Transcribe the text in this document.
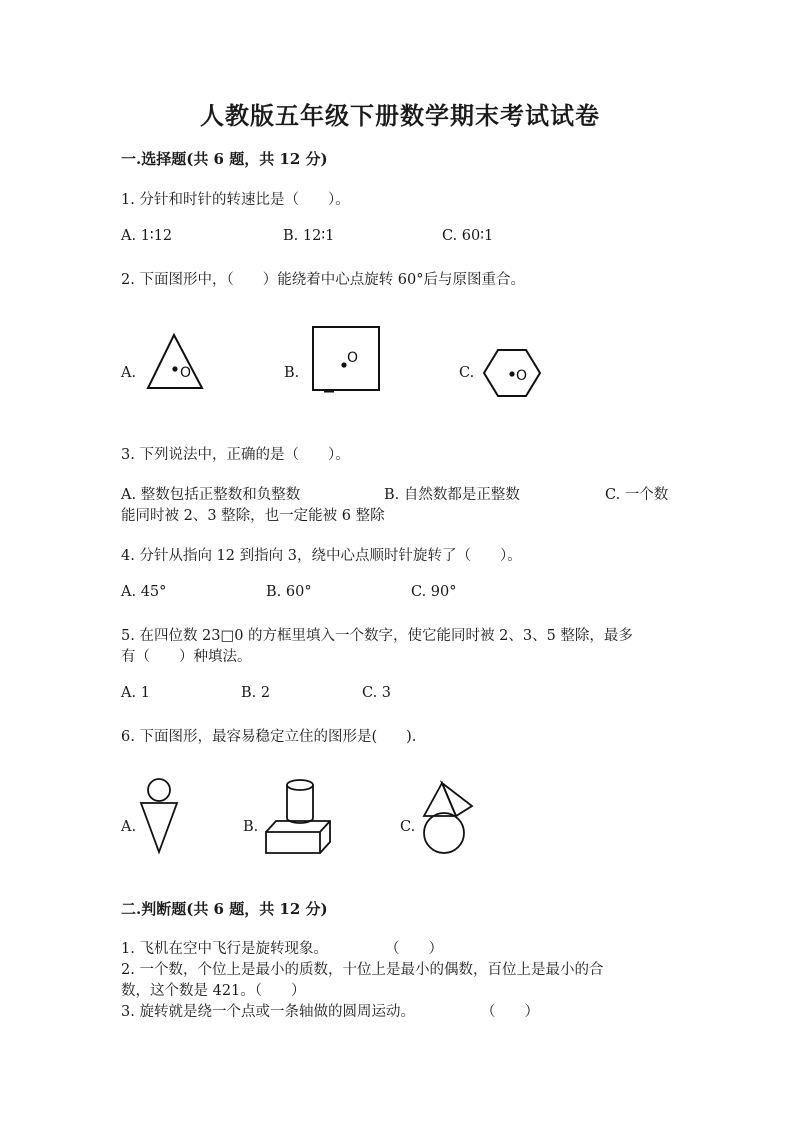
人教版五年级下册数学期末考试试卷
一.选择题(共 6 题，共 12 分)
1. 分针和时针的转速比是（　　）。
A. 1∶12	B. 12∶1	C. 60∶1
2. 下面图形中，（　　）能绕着中心点旋转 60°后与原图重合。
A.	B.	C.
O
O
O
3. 下列说法中，正确的是（　　）。
A. 整数包括正整数和负整数	B. 自然数都是正整数	C. 一个数
能同时被 2、3 整除，也一定能被 6 整除
4. 分针从指向 12 到指向 3，绕中心点顺时针旋转了（　　）。
A. 45°	B. 60°	C. 90°
5. 在四位数 23□0 的方框里填入一个数字，使它能同时被 2、3、5 整除，最多
有（　　）种填法。
A. 1	B. 2	C. 3
6. 下面图形，最容易稳定立住的图形是(　　).
A.	B.	C.
二.判断题(共 6 题，共 12 分)
1. 飞机在空中飞行是旋转现象。	（　　）
2. 一个数，个位上是最小的质数，十位上是最小的偶数，百位上是最小的合
数，这个数是 421。（　　）
3. 旋转就是绕一个点或一条轴做的圆周运动。	（　　）
